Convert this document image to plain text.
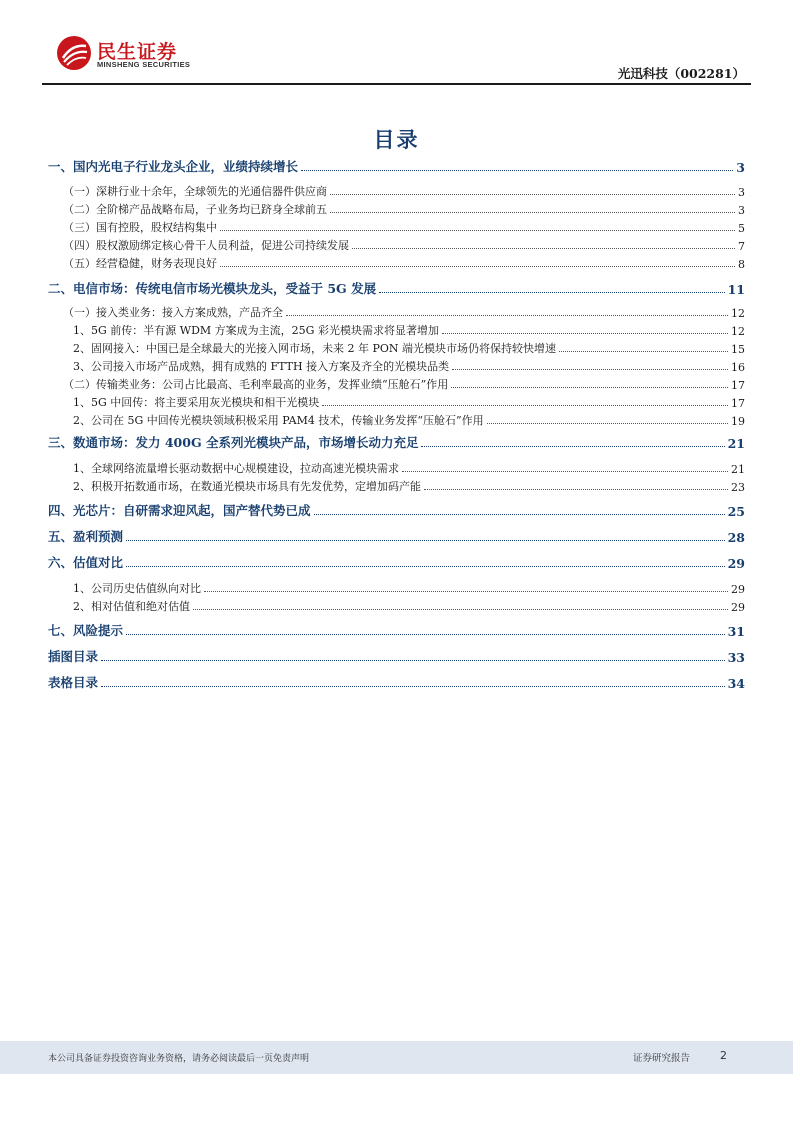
民生证券
MINSHENG SECURITIES
光迅科技（002281）
目录
一、国内光电子行业龙头企业，业绩持续增长	3
（一）深耕行业十余年，全球领先的光通信器件供应商	3
（二）全阶梯产品战略布局，子业务均已跻身全球前五	3
（三）国有控股，股权结构集中	5
（四）股权激励绑定核心骨干人员利益，促进公司持续发展	7
（五）经营稳健，财务表现良好	8
二、电信市场：传统电信市场光模块龙头，受益于 5G 发展	11
（一）接入类业务：接入方案成熟，产品齐全	12
1、5G 前传：半有源 WDM 方案成为主流，25G 彩光模块需求将显著增加	12
2、固网接入：中国已是全球最大的光接入网市场，未来 2 年 PON 端光模块市场仍将保持较快增速	15
3、公司接入市场产品成熟，拥有成熟的 FTTH 接入方案及齐全的光模块品类	16
（二）传输类业务：公司占比最高、毛利率最高的业务，发挥业绩“压舱石”作用	17
1、5G 中回传：将主要采用灰光模块和相干光模块	17
2、公司在 5G 中回传光模块领域积极采用 PAM4 技术，传输业务发挥“压舱石”作用	19
三、数通市场：发力 400G 全系列光模块产品，市场增长动力充足	21
1、全球网络流量增长驱动数据中心规模建设，拉动高速光模块需求	21
2、积极开拓数通市场，在数通光模块市场具有先发优势，定增加码产能	23
四、光芯片：自研需求迎风起，国产替代势已成	25
五、盈利预测	28
六、估值对比	29
1、公司历史估值纵向对比	29
2、相对估值和绝对估值	29
七、风险提示	31
插图目录	33
表格目录	34
本公司具备证券投资咨询业务资格，请务必阅读最后一页免责声明	证券研究报告	2
